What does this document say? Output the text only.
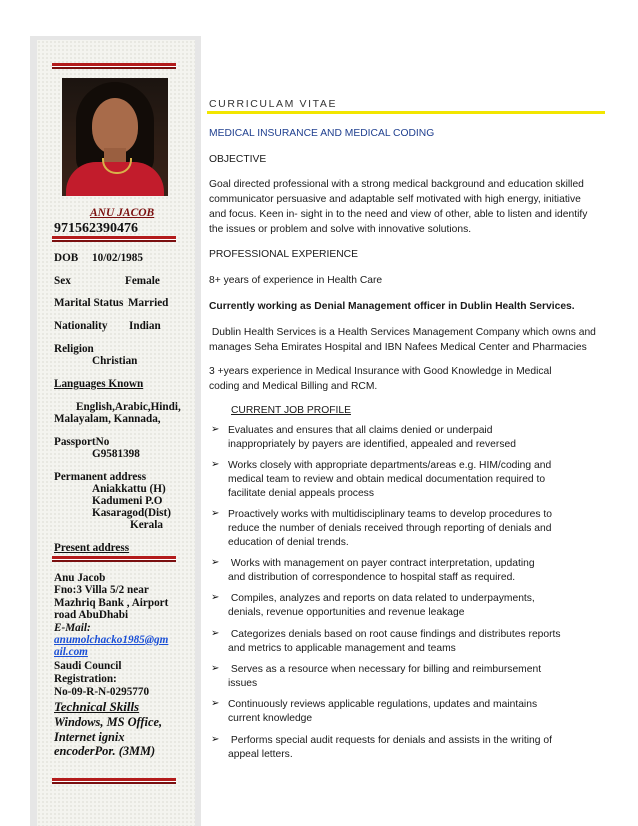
ANU JACOB
971562390476
DOB 10/02/1985
Sex	Female
Marital Status Married
Nationality Indian
Religion
Christian
Languages Known
English,Arabic,Hindi,
Malayalam, Kannada,
PassportNo
G9581398
Permanent address
Aniakkattu (H)
Kadumeni P.O
Kasaragod(Dist)
Kerala
Present address
Anu Jacob
Fno:3 Villa 5/2 near
Mazhriq Bank , Airport
road AbuDhabi
E-Mail:
anumolchacko1985@gm
ail.com
Saudi Council
Registration:
No-09-R-N-0295770
Technical Skills
Windows, MS Office,
Internet ignix
encoderPor. (3MM)
CURRICULAM VITAE
MEDICAL INSURANCE AND MEDICAL CODING
OBJECTIVE
Goal directed professional with a strong medical background and education skilled
communicator persuasive and adaptable self motivated with high energy, initiative
and focus. Keen in- sight in to the need and view of other, able to listen and identify
the issues or problem and solve with innovative solutions.
PROFESSIONAL EXPERIENCE
8+ years of experience in Health Care
Currently working as Denial Management officer in Dublin Health Services.
Dublin Health Services is a Health Services Management Company which owns and
manages Seha Emirates Hospital and IBN Nafees Medical Center and Pharmacies
3 +years experience in Medical Insurance with Good Knowledge in Medical
coding and Medical Billing and RCM.
CURRENT JOB PROFILE
➢ Evaluates and ensures that all claims denied or underpaid
inappropriately by payers are identified, appealed and reversed
➢ Works closely with appropriate departments/areas e.g. HIM/coding and
medical team to review and obtain medical documentation required to
facilitate denial appeals process
➢ Proactively works with multidisciplinary teams to develop procedures to
reduce the number of denials received through reporting of denials and
education of denial trends.
➢ Works with management on payer contract interpretation, updating
and distribution of correspondence to hospital staff as required.
➢ Compiles, analyzes and reports on data related to underpayments,
denials, revenue opportunities and revenue leakage
➢ Categorizes denials based on root cause findings and distributes reports
and metrics to applicable management and teams
➢ Serves as a resource when necessary for billing and reimbursement
issues
➢ Continuously reviews applicable regulations, updates and maintains
current knowledge
➢ Performs special audit requests for denials and assists in the writing of
appeal letters.
